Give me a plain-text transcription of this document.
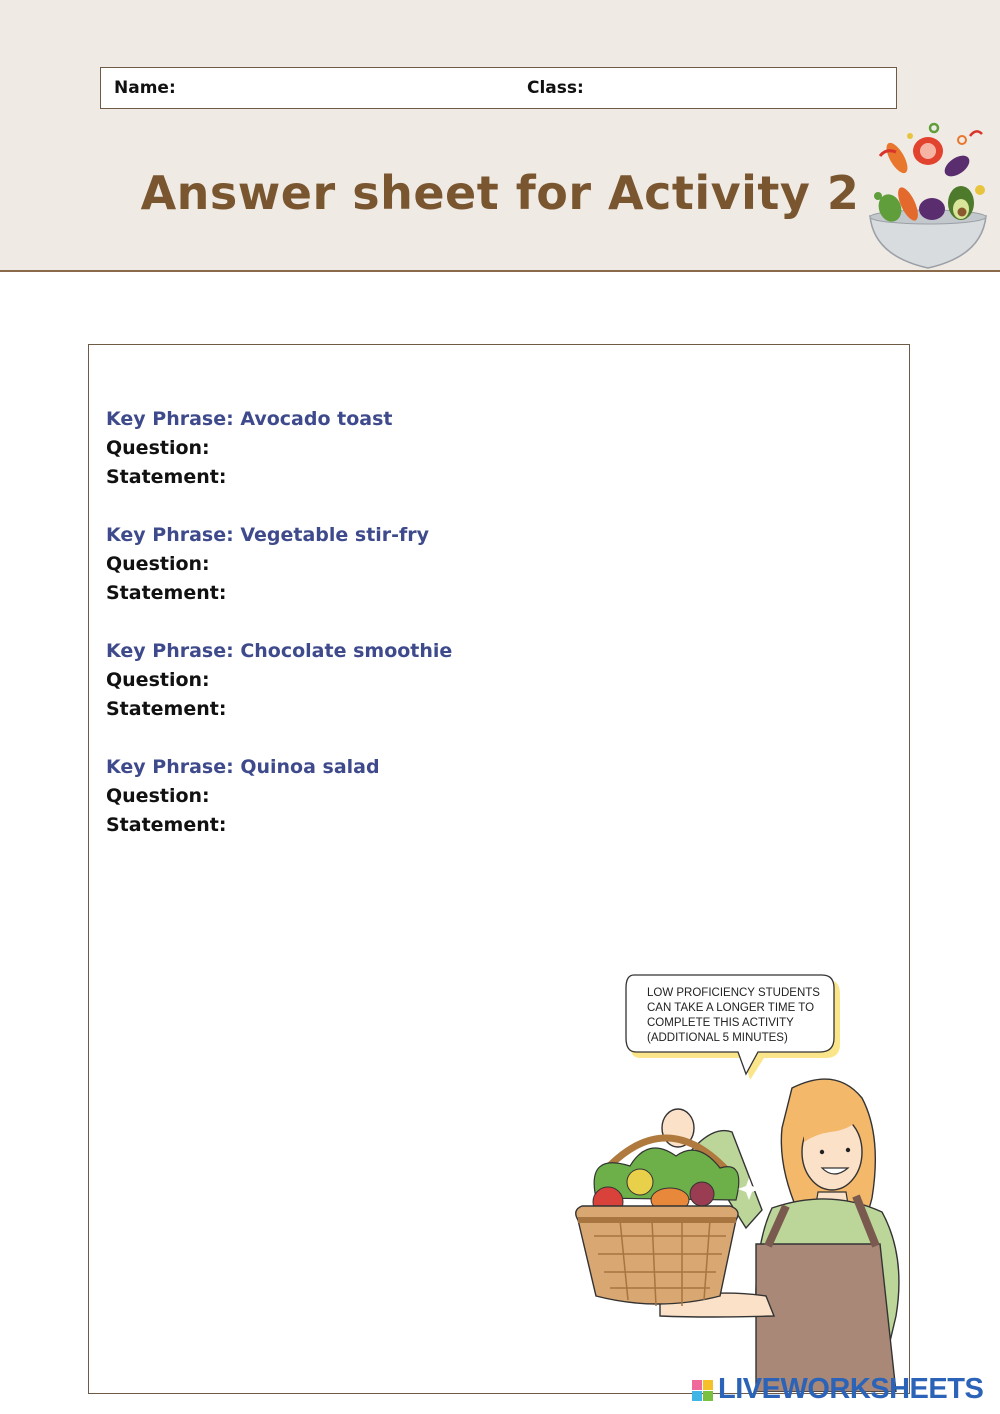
Name:	Class:
Answer sheet for Activity 2
Key Phrase: Avocado toast
Question:
Statement:
Key Phrase: Vegetable stir-fry
Question:
Statement:
Key Phrase: Chocolate smoothie
Question:
Statement:
Key Phrase: Quinoa salad
Question:
Statement:
LOW PROFICIENCY STUDENTS
CAN TAKE A LONGER TIME TO
COMPLETE THIS ACTIVITY
(ADDITIONAL 5 MINUTES)
LIVEWORKSHEETS
